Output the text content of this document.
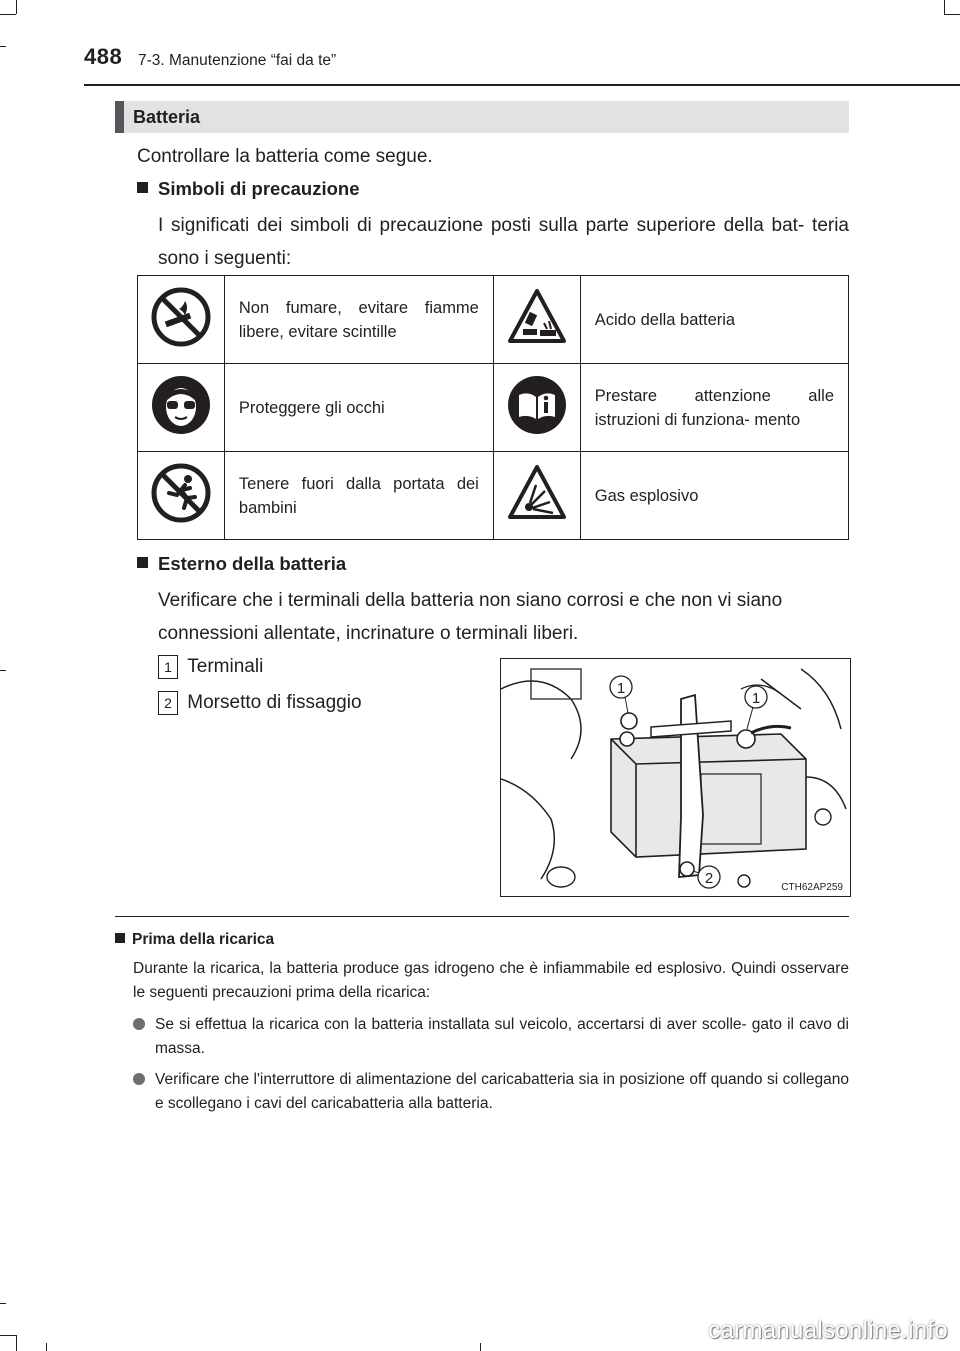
488 7-3. Manutenzione “fai da te”
Batteria
Controllare la batteria come segue.
Simboli di precauzione
I significati dei simboli di precauzione posti sulla parte superiore della bat- teria sono i seguenti:
	Non fumare, evitare fiamme libere, evitare scintille		Acido della batteria
	Proteggere gli occhi		Prestare attenzione alle istruzioni di funziona- mento
	Tenere fuori dalla portata dei bambini		Gas esplosivo
Esterno della batteria
Verificare che i terminali della batteria non siano corrosi e che non vi siano connessioni allentate, incrinature o terminali liberi.
1 Terminali
2 Morsetto di fissaggio
1
1
2
CTH62AP259
Prima della ricarica
Durante la ricarica, la batteria produce gas idrogeno che è infiammabile ed esplosivo. Quindi osservare le seguenti precauzioni prima della ricarica:
Se si effettua la ricarica con la batteria installata sul veicolo, accertarsi di aver scolle- gato il cavo di massa.
Verificare che l'interruttore di alimentazione del caricabatteria sia in posizione off quando si collegano e scollegano i cavi del caricabatteria alla batteria.
carmanualsonline.info
